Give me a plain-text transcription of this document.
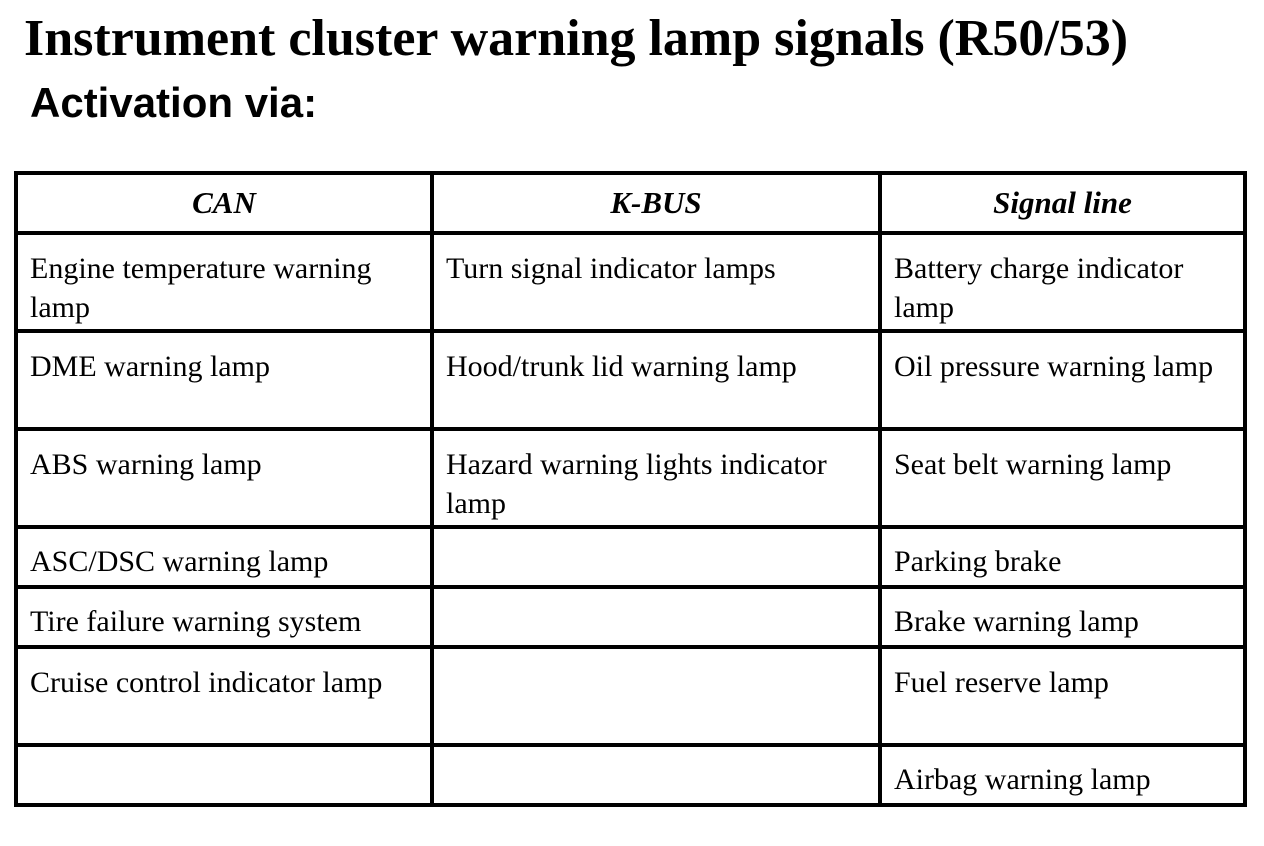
Instrument cluster warning lamp signals (R50/53)
Activation via:
CAN	K-BUS	Signal line

Engine temperature warning lamp	Turn signal indicator lamps	Battery charge indicator lamp

DME warning lamp	Hood/trunk lid warning lamp	Oil pressure warning lamp

ABS warning lamp	Hazard warning lights indicator lamp	Seat belt warning lamp

ASC/DSC warning lamp		Parking brake

Tire failure warning system		Brake warning lamp

Cruise control indicator lamp		Fuel reserve lamp

		Airbag warning lamp
